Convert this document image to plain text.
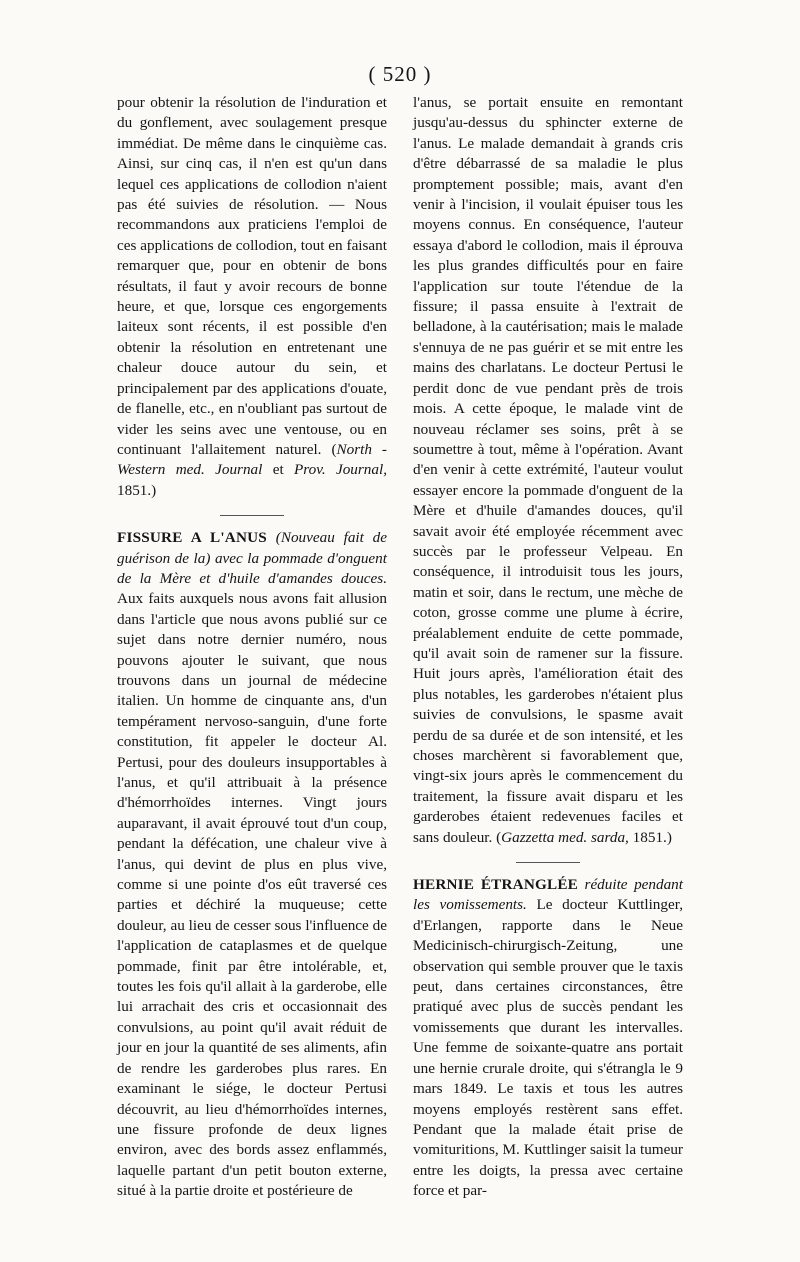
( 520 )

pour obtenir la résolution de l'induration et du gonflement, avec soulagement presque immédiat. De même dans le cinquième cas. Ainsi, sur cinq cas, il n'en est qu'un dans lequel ces applications de collodion n'aient pas été suivies de résolution. — Nous recommandons aux praticiens l'emploi de ces applications de collodion, tout en faisant remarquer que, pour en obtenir de bons résultats, il faut y avoir recours de bonne heure, et que, lorsque ces engorgements laiteux sont récents, il est possible d'en obtenir la résolution en entretenant une chaleur douce autour du sein, et principalement par des applications d'ouate, de flanelle, etc., en n'oubliant pas surtout de vider les seins avec une ventouse, ou en continuant l'allaitement naturel. (North - Western med. Journal et Prov. Journal, 1851.)

FISSURE A L'ANUS (Nouveau fait de guérison de la) avec la pommade d'onguent de la Mère et d'huile d'amandes douces. Aux faits auxquels nous avons fait allusion dans l'article que nous avons publié sur ce sujet dans notre dernier numéro, nous pouvons ajouter le suivant, que nous trouvons dans un journal de médecine italien. Un homme de cinquante ans, d'un tempérament nervoso-sanguin, d'une forte constitution, fit appeler le docteur Al. Pertusi, pour des douleurs insupportables à l'anus, et qu'il attribuait à la présence d'hémorrhoïdes internes. Vingt jours auparavant, il avait éprouvé tout d'un coup, pendant la défécation, une chaleur vive à l'anus, qui devint de plus en plus vive, comme si une pointe d'os eût traversé ces parties et déchiré la muqueuse; cette douleur, au lieu de cesser sous l'influence de l'application de cataplasmes et de quelque pommade, finit par être intolérable, et, toutes les fois qu'il allait à la garderobe, elle lui arrachait des cris et occasionnait des convulsions, au point qu'il avait réduit de jour en jour la quantité de ses aliments, afin de rendre les garderobes plus rares. En examinant le siége, le docteur Pertusi découvrit, au lieu d'hémorrhoïdes internes, une fissure profonde de deux lignes environ, avec des bords assez enflammés, laquelle partant d'un petit bouton externe, situé à la partie droite et postérieure de

l'anus, se portait ensuite en remontant jusqu'au-dessus du sphincter externe de l'anus. Le malade demandait à grands cris d'être débarrassé de sa maladie le plus promptement possible; mais, avant d'en venir à l'incision, il voulait épuiser tous les moyens connus. En conséquence, l'auteur essaya d'abord le collodion, mais il éprouva les plus grandes difficultés pour en faire l'application sur toute l'étendue de la fissure; il passa ensuite à l'extrait de belladone, à la cautérisation; mais le malade s'ennuya de ne pas guérir et se mit entre les mains des charlatans. Le docteur Pertusi le perdit donc de vue pendant près de trois mois. A cette époque, le malade vint de nouveau réclamer ses soins, prêt à se soumettre à tout, même à l'opération. Avant d'en venir à cette extrémité, l'auteur voulut essayer encore la pommade d'onguent de la Mère et d'huile d'amandes douces, qu'il savait avoir été employée récemment avec succès par le professeur Velpeau. En conséquence, il introduisit tous les jours, matin et soir, dans le rectum, une mèche de coton, grosse comme une plume à écrire, préalablement enduite de cette pommade, qu'il avait soin de ramener sur la fissure. Huit jours après, l'amélioration était des plus notables, les garderobes n'étaient plus suivies de convulsions, le spasme avait perdu de sa durée et de son intensité, et les choses marchèrent si favorablement que, vingt-six jours après le commencement du traitement, la fissure avait disparu et les garderobes étaient redevenues faciles et sans douleur. (Gazzetta med. sarda, 1851.)

HERNIE ÉTRANGLÉE réduite pendant les vomissements. Le docteur Kuttlinger, d'Erlangen, rapporte dans le Neue Medicinisch-chirurgisch-Zeitung, une observation qui semble prouver que le taxis peut, dans certaines circonstances, être pratiqué avec plus de succès pendant les vomissements que durant les intervalles. Une femme de soixante-quatre ans portait une hernie crurale droite, qui s'étrangla le 9 mars 1849. Le taxis et tous les autres moyens employés restèrent sans effet. Pendant que la malade était prise de vomituritions, M. Kuttlinger saisit la tumeur entre les doigts, la pressa avec certaine force et par-
